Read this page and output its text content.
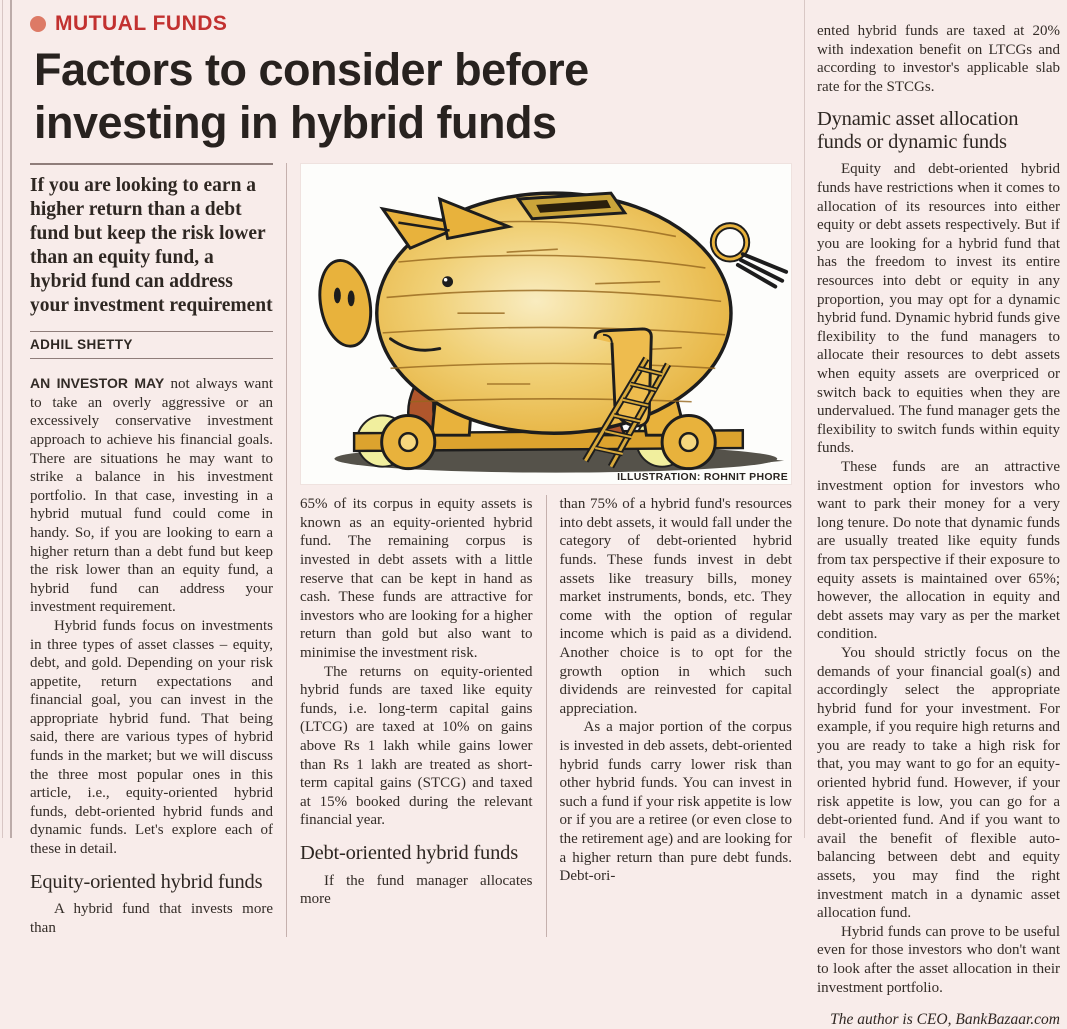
MUTUAL FUNDS
Factors to consider before investing in hybrid funds

If you are looking to earn a higher return than a debt fund but keep the risk lower than an equity fund, a hybrid fund can address your investment requirement

ADHIL SHETTY

AN INVESTOR MAY not always want to take an overly aggressive or an excessively conservative investment approach to achieve his financial goals. There are situations he may want to strike a balance in his investment portfolio. In that case, investing in a hybrid mutual fund could come in handy. So, if you are looking to earn a higher return than a debt fund but keep the risk lower than an equity fund, a hybrid fund can address your investment requirement.

Hybrid funds focus on investments in three types of asset classes – equity, debt, and gold. Depending on your risk appetite, return expectations and financial goal, you can invest in the appropriate hybrid fund. That being said, there are various types of hybrid funds in the market; but we will discuss the three most popular ones in this article, i.e., equity-oriented hybrid funds, debt-oriented hybrid funds and dynamic funds. Let's explore each of these in detail.

Equity-oriented hybrid funds

A hybrid fund that invests more than

ILLUSTRATION: ROHNIT PHORE

65% of its corpus in equity assets is known as an equity-oriented hybrid fund. The remaining corpus is invested in debt assets with a little reserve that can be kept in hand as cash. These funds are attractive for investors who are looking for a higher return than gold but also want to minimise the investment risk.

The returns on equity-oriented hybrid funds are taxed like equity funds, i.e. long-term capital gains (LTCG) are taxed at 10% on gains above Rs 1 lakh while gains lower than Rs 1 lakh are treated as short-term capital gains (STCG) and taxed at 15% booked during the relevant financial year.

Debt-oriented hybrid funds

If the fund manager allocates more

than 75% of a hybrid fund's resources into debt assets, it would fall under the category of debt-oriented hybrid funds. These funds invest in debt assets like treasury bills, money market instruments, bonds, etc. They come with the option of regular income which is paid as a dividend. Another choice is to opt for the growth option in which such dividends are reinvested for capital appreciation.

As a major portion of the corpus is invested in deb assets, debt-oriented hybrid funds carry lower risk than other hybrid funds. You can invest in such a fund if your risk appetite is low or if you are a retiree (or even close to the retirement age) and are looking for a higher return than pure debt funds. Debt-ori-

ented hybrid funds are taxed at 20% with indexation benefit on LTCGs and according to investor's applicable slab rate for the STCGs.

Dynamic asset allocation funds or dynamic funds

Equity and debt-oriented hybrid funds have restrictions when it comes to allocation of its resources into either equity or debt assets respectively. But if you are looking for a hybrid fund that has the freedom to invest its entire resources into debt or equity in any proportion, you may opt for a dynamic hybrid fund. Dynamic hybrid funds give flexibility to the fund managers to allocate their resources to debt assets when equity assets are overpriced or switch back to equities when they are undervalued. The fund manager gets the flexibility to switch funds within equity funds.

These funds are an attractive investment option for investors who want to park their money for a very long tenure. Do note that dynamic funds are usually treated like equity funds from tax perspective if their exposure to equity assets is maintained over 65%; however, the allocation in equity and debt assets may vary as per the market condition.

You should strictly focus on the demands of your financial goal(s) and accordingly select the appropriate hybrid fund for your investment. For example, if you require high returns and you are ready to take a high risk for that, you may want to go for an equity-oriented hybrid fund. However, if your risk appetite is low, you can go for a debt-oriented fund. And if you want to avail the benefit of flexible auto-balancing between debt and equity assets, you may find the right investment match in a dynamic asset allocation fund.

Hybrid funds can prove to be useful even for those investors who don't want to look after the asset allocation in their investment portfolio.

The author is CEO, BankBazaar.com
